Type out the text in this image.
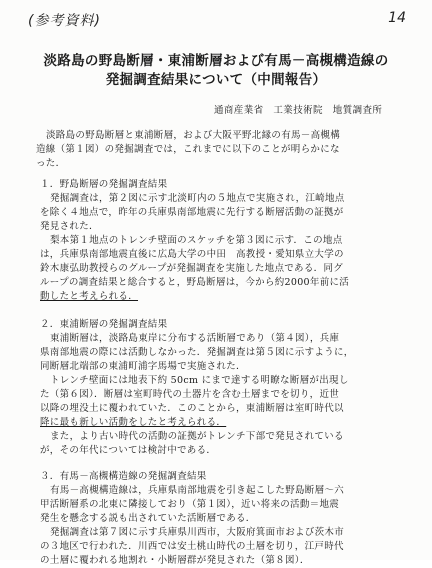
(参考資料)	14
淡路島の野島断層・東浦断層および有馬－高槻構造線の
発掘調査結果について（中間報告）
通商産業省　工業技術院　地質調査所
淡路島の野島断層と東浦断層，および大阪平野北縁の有馬－高槻構
造線（第１図）の発掘調査では，これまでに以下のことが明らかにな
った．
１．野島断層の発掘調査結果
発掘調査は，第２図に示す北淡町内の５地点で実施され，江崎地点
を除く４地点で，昨年の兵庫県南部地震に先行する断層活動の証拠が
発見された．
梨本第１地点のトレンチ壁面のスケッチを第３図に示す．この地点
は，兵庫県南部地震直後に広島大学の中田　高教授・愛知県立大学の
鈴木康弘助教授らのグループが発掘調査を実施した地点である．同グ
ループの調査結果と総合すると，野島断層は，今から約2000年前に活
動したと考えられる．
２．東浦断層の発掘調査結果
東浦断層は，淡路島東岸に分布する活断層であり（第４図），兵庫
県南部地震の際には活動しなかった．発掘調査は第５図に示すように，
同断層北端部の東浦町浦字馬場で実施された．
トレンチ壁面には地表下約 50cm にまで達する明瞭な断層が出現し
た（第６図）．断層は室町時代の土器片を含む土層までを切り，近世
以降の埋没土に覆われていた．このことから，東浦断層は室町時代以
降に最も新しい活動をしたと考えられる．
また，より古い時代の活動の証拠がトレンチ下部で発見されている
が，その年代については検討中である．
３．有馬－高槻構造線の発掘調査結果
有馬－高槻構造線は，兵庫県南部地震を引き起こした野島断層～六
甲活断層系の北東に隣接しており（第１図），近い将来の活動＝地震
発生を懸念する説も出されていた活断層である．
発掘調査は第７図に示す兵庫県川西市，大阪府箕面市および茨木市
の３地区で行われた．川西では安土桃山時代の土層を切り，江戸時代
の土層に覆われる地割れ・小断層群が発見された（第８図）．
